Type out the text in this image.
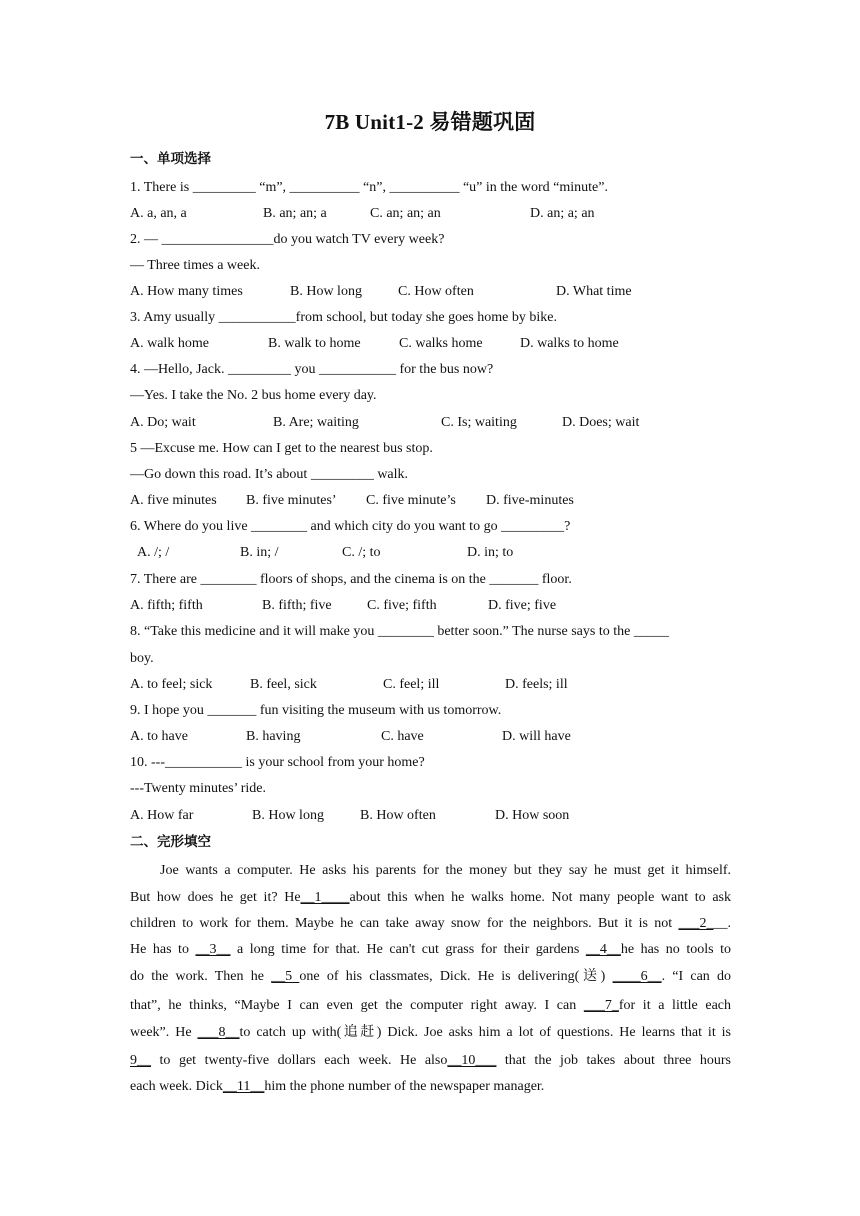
7B Unit1-2 易错题巩固
一、单项选择
1. There is _________ “m”, __________ “n”, __________ “u” in the word “minute”.
A. a, an, a	B. an; an; a	C. an; an; an	D. an; a; an
2. — ________________do you watch TV every week?
— Three times a week.
A. How many times	B. How long	C. How often	D. What time
3. Amy usually ___________from school, but today she goes home by bike.
A. walk home	B. walk to home	C. walks home	D. walks to home
4. —Hello, Jack. _________ you ___________ for the bus now?
—Yes. I take the No. 2 bus home every day.
A. Do; wait	B. Are; waiting	C. Is; waiting	D. Does; wait
5 —Excuse me. How can I get to the nearest bus stop.
—Go down this road. It’s about _________ walk.
A. five minutes B. five minutes’ C. five minute’s D. five-minutes
6. Where do you live ________ and which city do you want to go _________?
A. /; /	B. in; /	C. /; to	D. in; to
7. There are ________ floors of shops, and the cinema is on the _______ floor.
A. fifth; fifth	B. fifth; five	C. five; fifth	D. five; five
8. “Take this medicine and it will make you ________ better soon.” The nurse says to the _____
boy.
A. to feel; sick	B. feel, sick	C. feel; ill	D. feels; ill
9. I hope you _______ fun visiting the museum with us tomorrow.
A. to have	B. having	C. have	D. will have
10. ---___________ is your school from your home?
---Twenty minutes’ ride.
A. How far	B. How long	B. How often	D. How soon
二、完形填空
Joe wants a computer. He asks his parents for the money but they say he must get it himself.
But how does he get it? He__1____about this when he walks home. Not many people want to ask
children to work for them. Maybe he can take away snow for the neighbors. But it is not ___2___.
He has to __3__ a long time for that. He can't cut grass for their gardens __4__he has no tools to
do the work. Then he __5 one of his classmates, Dick. He is delivering(送) ____6__. “I can do
that”, he thinks, “Maybe I can even get the computer right away. I can ___7_for it a little each
week”. He ___8__to catch up with(追赶) Dick. Joe asks him a lot of questions. He learns that it is
9__ to get twenty-five dollars each week. He also__10___ that the job takes about three hours
each week. Dick__11__him the phone number of the newspaper manager.
